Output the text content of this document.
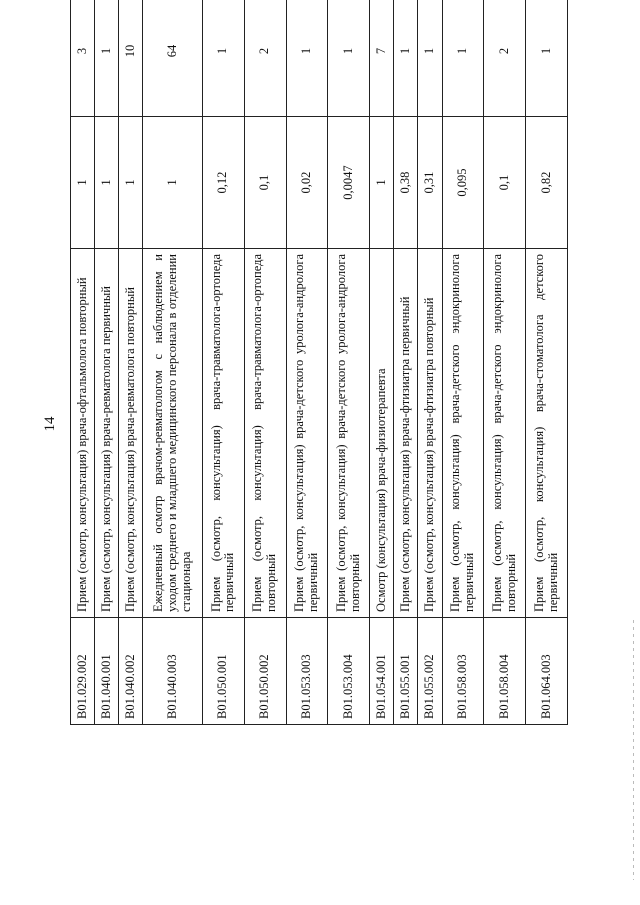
14
B01.029.002	Прием (осмотр, консультация) врача-офтальмолога повторный	1	3
B01.040.001	Прием (осмотр, консультация) врача-ревматолога первичный	1	1
B01.040.002	Прием (осмотр, консультация) врача-ревматолога повторный	1	10
B01.040.003	Ежедневный осмотр врачом-ревматологом с наблюдением и уходом среднего и младшего медицинского персонала в отделении стационара	1	64
B01.050.001	Прием (осмотр, консультация) врача-травматолога-ортопеда первичный	0,12	1
B01.050.002	Прием (осмотр, консультация) врача-травматолога-ортопеда повторный	0,1	2
B01.053.003	Прием (осмотр, консультация) врача-детского уролога-андролога первичный	0,02	1
B01.053.004	Прием (осмотр, консультация) врача-детского уролога-андролога повторный	0,0047	1
B01.054.001	Осмотр (консультация) врача-физиотерапевта	1	7
B01.055.001	Прием (осмотр, консультация) врача-фтизиатра первичный	0,38	1
B01.055.002	Прием (осмотр, консультация) врача-фтизиатра повторный	0,31	1
B01.058.003	Прием (осмотр, консультация) врача-детского эндокринолога первичный	0,095	1
B01.058.004	Прием (осмотр, консультация) врача-детского эндокринолога повторный	0,1	2
B01.064.003	Прием (осмотр, консультация) врача-стоматолога детского первичный	0,82	1
